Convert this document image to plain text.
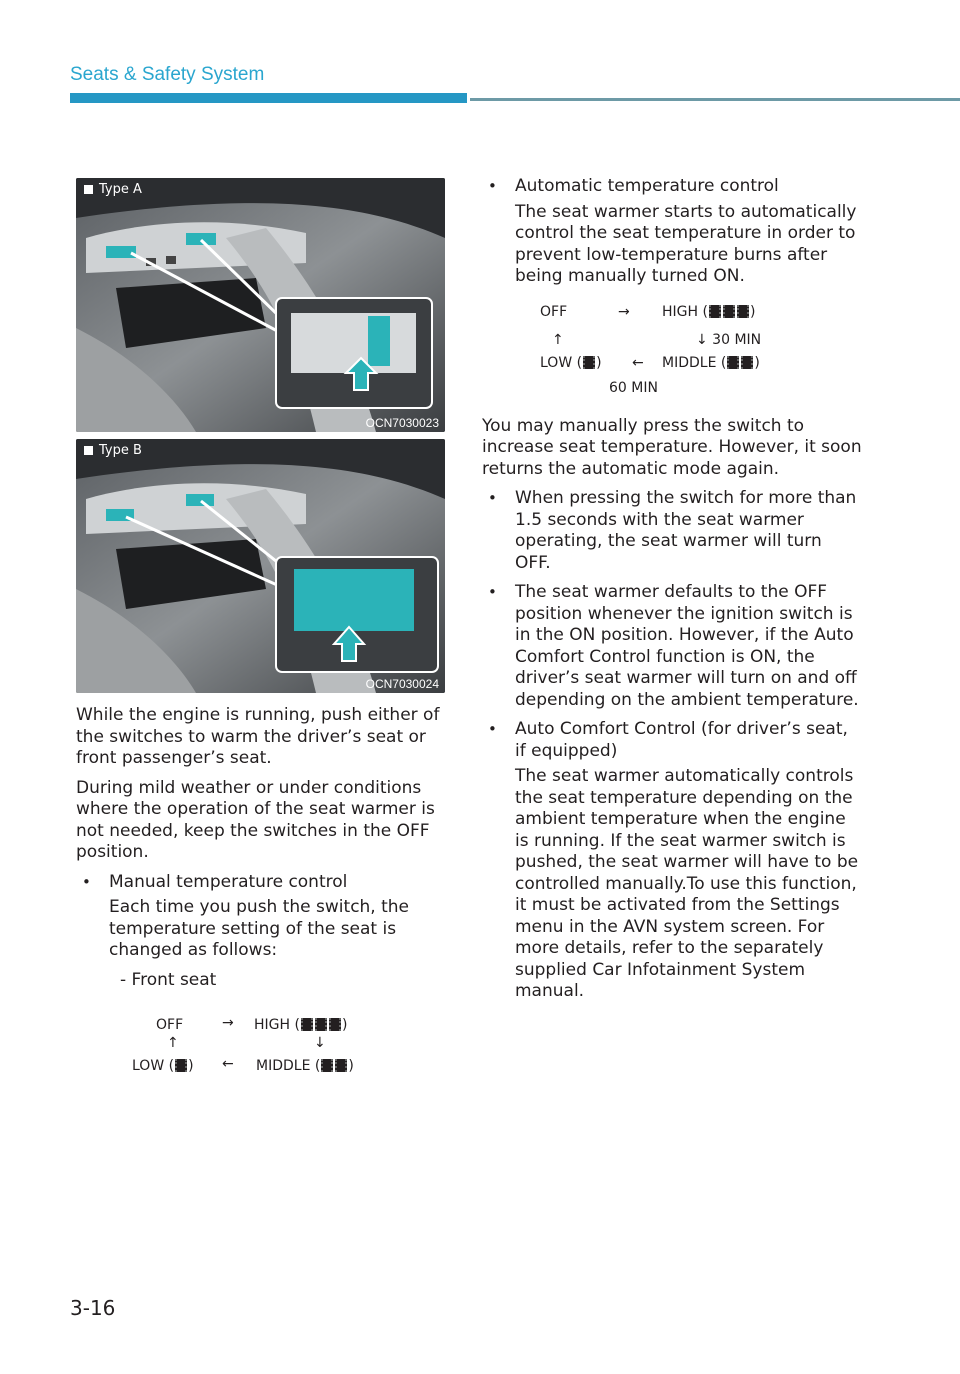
Seats & Safety System
Type A
OCN7030023
Type B
OCN7030024
While the engine is running, push either of the switches to warm the driver’s seat or front passenger’s seat.
During mild weather or under conditions where the operation of the seat warmer is not needed, keep the switches in the OFF position.
• Manual temperature control
Each time you push the switch, the temperature setting of the seat is changed as follows:
- Front seat
OFF	→ HIGH (	)
↑	↓
LOW ( ) ← MIDDLE ( )
• Automatic temperature control
The seat warmer starts to automatically control the seat temperature in order to prevent low-temperature burns after being manually turned ON.
OFF	→ HIGH (	)
↑	↓ 30 MIN
LOW ( ) ← MIDDLE ( )
60 MIN
You may manually press the switch to increase seat temperature. However, it soon returns the automatic mode again.
• When pressing the switch for more than 1.5 seconds with the seat warmer operating, the seat warmer will turn OFF.
• The seat warmer defaults to the OFF position whenever the ignition switch is in the ON position. However, if the Auto Comfort Control function is ON, the driver’s seat warmer will turn on and off depending on the ambient temperature.
• Auto Comfort Control (for driver’s seat, if equipped)
The seat warmer automatically controls the seat temperature depending on the ambient temperature when the engine is running. If the seat warmer switch is pushed, the seat warmer will have to be controlled manually.To use this function, it must be activated from the Settings menu in the AVN system screen. For more details, refer to the separately supplied Car Infotainment System manual.
3-16
